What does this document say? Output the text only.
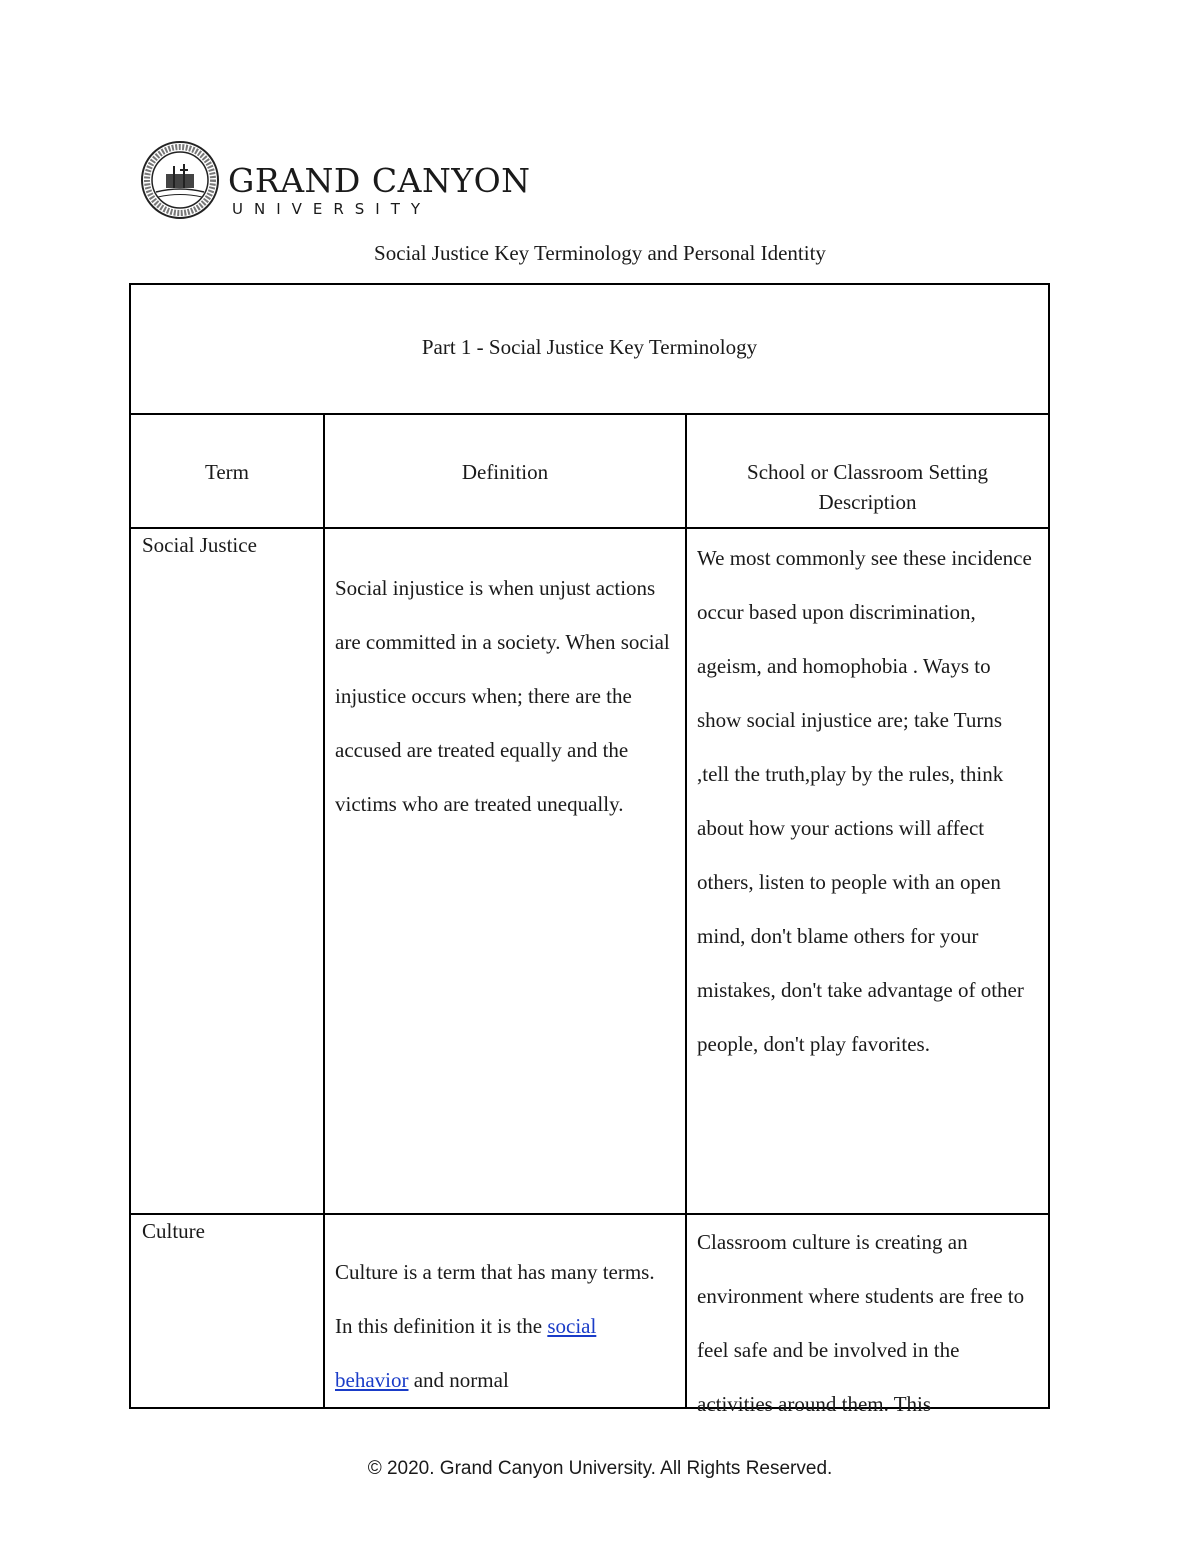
GRAND CANYON
UNIVERSITY
Social Justice Key Terminology and Personal Identity
Part 1 - Social Justice Key Terminology		

Term	Definition	School or Classroom Setting Description

Social Justice	Social injustice is when unjust actions are committed in a society. When social injustice occurs when; there are the accused are treated equally and the victims who are treated unequally.	We most commonly see these incidence occur based upon discrimination, ageism, and homophobia . Ways to show social injustice are; take Turns ,tell the truth,play by the rules, think about how your actions will affect others, listen to people with an open mind, don't blame others for your mistakes, don't take advantage of other people, don't play favorites.
Culture	Culture is a term that has many terms. In this definition it is the social behavior and normal	Classroom culture is creating an environment where students are free to feel safe and be involved in the activities around them. This
© 2020. Grand Canyon University. All Rights Reserved.
